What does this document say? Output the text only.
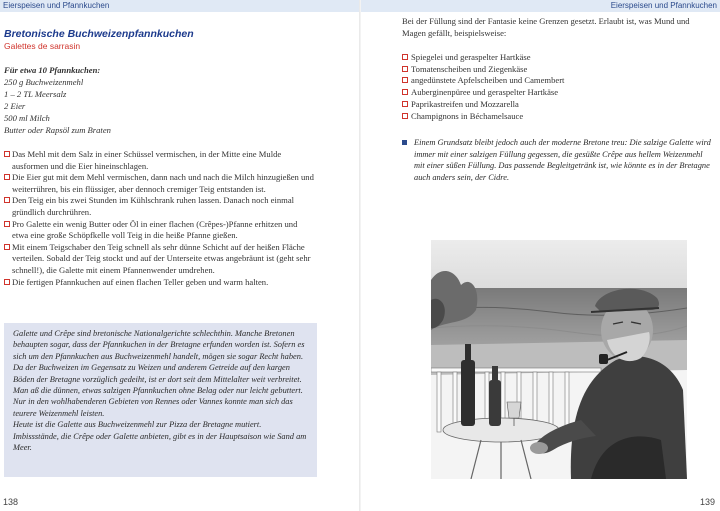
Eierspeisen und Pfannkuchen	Eierspeisen und Pfannkuchen
Bretonische Buchweizenpfannkuchen
Galettes de sarrasin
Für etwa 10 Pfannkuchen:
250 g Buchweizenmehl
1 – 2 TL Meersalz
2 Eier
500 ml Milch
Butter oder Rapsöl zum Braten
Das Mehl mit dem Salz in einer Schüssel vermischen, in der Mitte eine Mulde ausformen und die Eier hineinschlagen.
Die Eier gut mit dem Mehl vermischen, dann nach und nach die Milch hinzugießen und weiterrühren, bis ein flüssiger, aber dennoch cremiger Teig entstanden ist.
Den Teig ein bis zwei Stunden im Kühlschrank ruhen lassen. Danach noch einmal gründlich durchrühren.
Pro Galette ein wenig Butter oder Öl in einer flachen (Crêpes-)Pfanne erhitzen und etwa eine große Schöpfkelle voll Teig in die heiße Pfanne gießen.
Mit einem Teigschaber den Teig schnell als sehr dünne Schicht auf der heißen Fläche verteilen. Sobald der Teig stockt und auf der Unterseite etwas angebräunt ist (geht sehr schnell!), die Galette mit einem Pfannenwender umdrehen.
Die fertigen Pfannkuchen auf einen flachen Teller geben und warm halten.
Galette und Crêpe sind bretonische Nationalgerichte schlechthin. Manche Bretonen behaupten sogar, dass der Pfannkuchen in der Bretagne erfunden worden ist. Sofern es sich um den Pfannkuchen aus Buchweizenmehl handelt, mögen sie sogar Recht haben. Da der Buchweizen im Gegensatz zu Weizen und anderem Getreide auf den kargen Böden der Bretagne vorzüglich gedeiht, ist er dort seit dem Mittelalter weit verbreitet. Man aß die dünnen, etwas salzigen Pfannkuchen ohne Belag oder nur leicht gebuttert. Nur in den wohlhabenderen Gebieten von Rennes oder Vannes konnte man sich das teurere Weizenmehl leisten.
Heute ist die Galette aus Buchweizenmehl zur Pizza der Bretagne mutiert. Imbissstände, die Crêpe oder Galette anbieten, gibt es in der Hauptsaison wie Sand am Meer.
138
Bei der Füllung sind der Fantasie keine Grenzen gesetzt. Erlaubt ist, was Mund und Magen gefällt, beispielsweise:
Spiegelei und geraspelter Hartkäse
Tomatenscheiben und Ziegenkäse
angedünstete Apfelscheiben und Camembert
Auberginenpüree und geraspelter Hartkäse
Paprikastreifen und Mozzarella
Champignons in Béchamelsauce
Einem Grundsatz bleibt jedoch auch der moderne Bretone treu: Die salzige Galette wird immer mit einer salzigen Füllung gegessen, die gesüßte Crêpe aus hellem Weizenmehl mit einer süßen Füllung. Das passende Begleitgetränk ist, wie könnte es in der Bretagne auch anders sein, der Cidre.
139
